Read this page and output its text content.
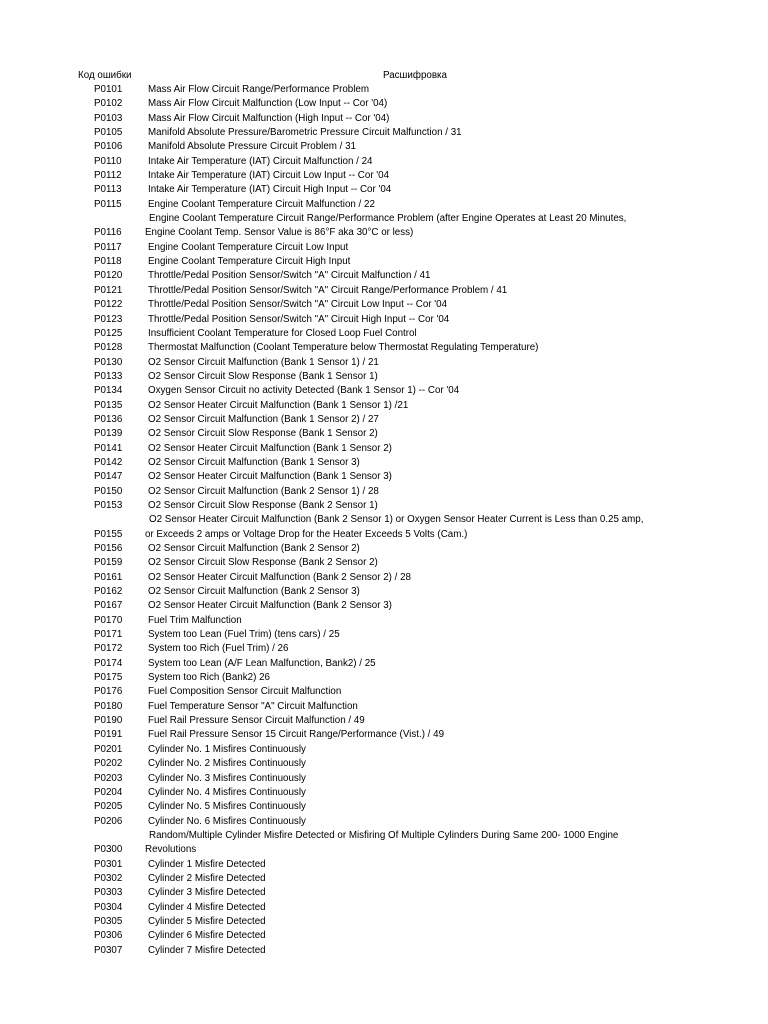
Код ошибки	Расшифровка
P0101	Mass Air Flow Circuit Range/Performance Problem
P0102	Mass Air Flow Circuit Malfunction (Low Input -- Cor '04)
P0103	Mass Air Flow Circuit Malfunction (High Input -- Cor '04)
P0105	Manifold Absolute Pressure/Barometric Pressure Circuit Malfunction / 31
P0106	Manifold Absolute Pressure Circuit Problem / 31
P0110	Intake Air Temperature (IAT) Circuit Malfunction / 24
P0112	Intake Air Temperature (IAT) Circuit Low Input -- Cor '04
P0113	Intake Air Temperature (IAT) Circuit High Input -- Cor '04
P0115	Engine Coolant Temperature Circuit Malfunction / 22
P0116
Engine Coolant Temperature Circuit Range/Performance Problem (after Engine Operates at Least 20 Minutes,
Engine Coolant Temp. Sensor Value is 86°F aka 30°C or less)
P0117	Engine Coolant Temperature Circuit Low Input
P0118	Engine Coolant Temperature Circuit High Input
P0120	Throttle/Pedal Position Sensor/Switch "A" Circuit Malfunction / 41
P0121	Throttle/Pedal Position Sensor/Switch "A" Circuit Range/Performance Problem / 41
P0122	Throttle/Pedal Position Sensor/Switch "A" Circuit Low Input -- Cor '04
P0123	Throttle/Pedal Position Sensor/Switch "A" Circuit High Input -- Cor '04
P0125	Insufficient Coolant Temperature for Closed Loop Fuel Control
P0128	Thermostat Malfunction (Coolant Temperature below Thermostat Regulating Temperature)
P0130	O2 Sensor Circuit Malfunction (Bank 1 Sensor 1) / 21
P0133	O2 Sensor Circuit Slow Response (Bank 1 Sensor 1)
P0134	Oxygen Sensor Circuit no activity Detected (Bank 1 Sensor 1) -- Cor '04
P0135	O2 Sensor Heater Circuit Malfunction (Bank 1 Sensor 1) /21
P0136	O2 Sensor Circuit Malfunction (Bank 1 Sensor 2) / 27
P0139	O2 Sensor Circuit Slow Response (Bank 1 Sensor 2)
P0141	O2 Sensor Heater Circuit Malfunction (Bank 1 Sensor 2)
P0142	O2 Sensor Circuit Malfunction (Bank 1 Sensor 3)
P0147	O2 Sensor Heater Circuit Malfunction (Bank 1 Sensor 3)
P0150	O2 Sensor Circuit Malfunction (Bank 2 Sensor 1) / 28
P0153	O2 Sensor Circuit Slow Response (Bank 2 Sensor 1)
P0155
O2 Sensor Heater Circuit Malfunction (Bank 2 Sensor 1) or Oxygen Sensor Heater Current is Less than 0.25 amp,
or Exceeds 2 amps or Voltage Drop for the Heater Exceeds 5 Volts (Cam.)
P0156	O2 Sensor Circuit Malfunction (Bank 2 Sensor 2)
P0159	O2 Sensor Circuit Slow Response (Bank 2 Sensor 2)
P0161	O2 Sensor Heater Circuit Malfunction (Bank 2 Sensor 2) / 28
P0162	O2 Sensor Circuit Malfunction (Bank 2 Sensor 3)
P0167	O2 Sensor Heater Circuit Malfunction (Bank 2 Sensor 3)
P0170	Fuel Trim Malfunction
P0171	System too Lean (Fuel Trim) (tens cars) / 25
P0172	System too Rich (Fuel Trim) / 26
P0174	System too Lean (A/F Lean Malfunction, Bank2) / 25
P0175	System too Rich (Bank2) 26
P0176	Fuel Composition Sensor Circuit Malfunction
P0180	Fuel Temperature Sensor "A" Circuit Malfunction
P0190	Fuel Rail Pressure Sensor Circuit Malfunction / 49
P0191	Fuel Rail Pressure Sensor 15 Circuit Range/Performance (Vist.) / 49
P0201	Cylinder No. 1 Misfires Continuously
P0202	Cylinder No. 2 Misfires Continuously
P0203	Cylinder No. 3 Misfires Continuously
P0204	Cylinder No. 4 Misfires Continuously
P0205	Cylinder No. 5 Misfires Continuously
P0206	Cylinder No. 6 Misfires Continuously
P0300
Random/Multiple Cylinder Misfire Detected or Misfiring Of Multiple Cylinders During Same 200- 1000 Engine
Revolutions
P0301	Cylinder 1 Misfire Detected
P0302	Cylinder 2 Misfire Detected
P0303	Cylinder 3 Misfire Detected
P0304	Cylinder 4 Misfire Detected
P0305	Cylinder 5 Misfire Detected
P0306	Cylinder 6 Misfire Detected
P0307	Cylinder 7 Misfire Detected
